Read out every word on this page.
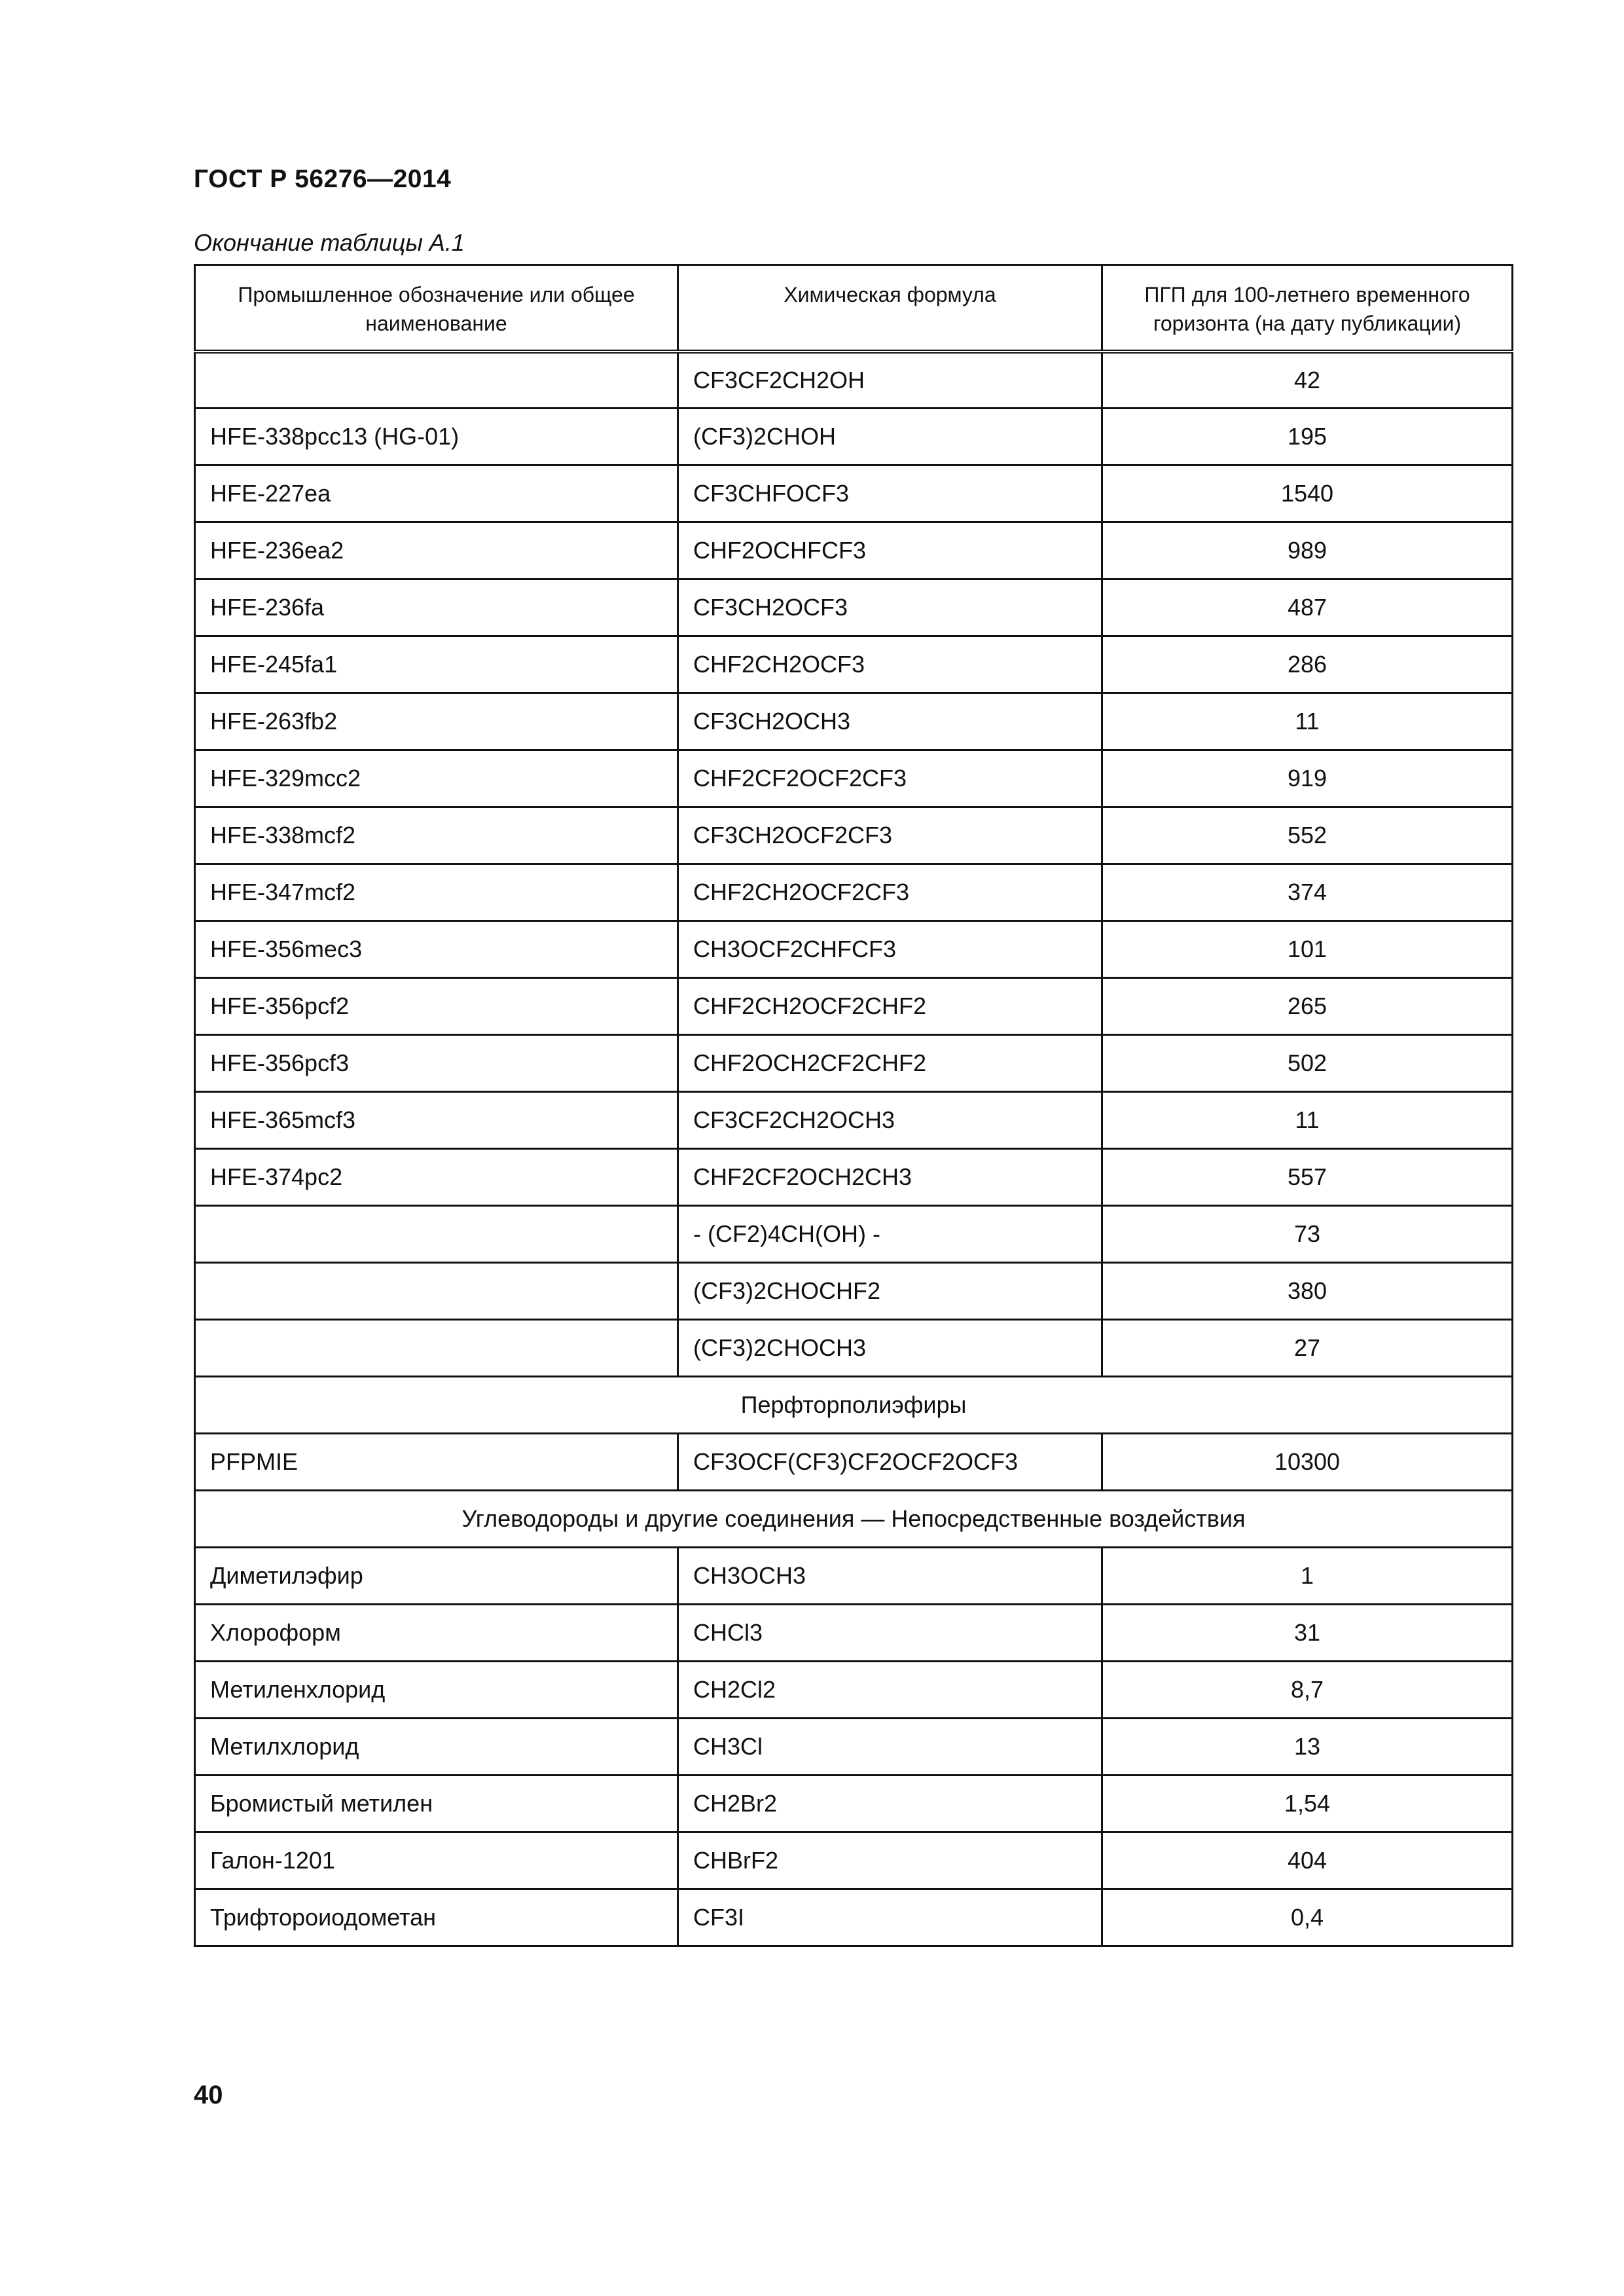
ГОСТ Р 56276—2014
Окончание таблицы А.1
Промышленное обозначение или общее наименование	Химическая формула	ПГП для 100-летнего временного горизонта (на дату публикации)
	CF3CF2CH2OH	42
HFE-338pcc13 (HG-01)	(CF3)2CHOH	195
HFE-227ea	CF3CHFOCF3	1540
HFE-236ea2	CHF2OCHFCF3	989
HFE-236fa	CF3CH2OCF3	487
HFE-245fa1	CHF2CH2OCF3	286
HFE-263fb2	CF3CH2OCH3	11
HFE-329mcc2	CHF2CF2OCF2CF3	919
HFE-338mcf2	CF3CH2OCF2CF3	552
HFE-347mcf2	CHF2CH2OCF2CF3	374
HFE-356mec3	CH3OCF2CHFCF3	101
HFE-356pcf2	CHF2CH2OCF2CHF2	265
HFE-356pcf3	CHF2OCH2CF2CHF2	502
HFE-365mcf3	CF3CF2CH2OCH3	11
HFE-374pc2	CHF2CF2OCH2CH3	557
	- (CF2)4CH(OH) -	73
	(CF3)2CHOCHF2	380
	(CF3)2CHOCH3	27
Перфторполиэфиры		
PFPMIE	CF3OCF(CF3)CF2OCF2OCF3	10300
Углеводороды и другие соединения — Непосредственные воздействия		
Диметилэфир	CH3OCH3	1
Хлороформ	CHCl3	31
Метиленхлорид	CH2Cl2	8,7
Метилхлорид	CH3Cl	13
Бромистый метилен	CH2Br2	1,54
Галон-1201	CHBrF2	404
Трифтороиодометан	CF3I	0,4
40
